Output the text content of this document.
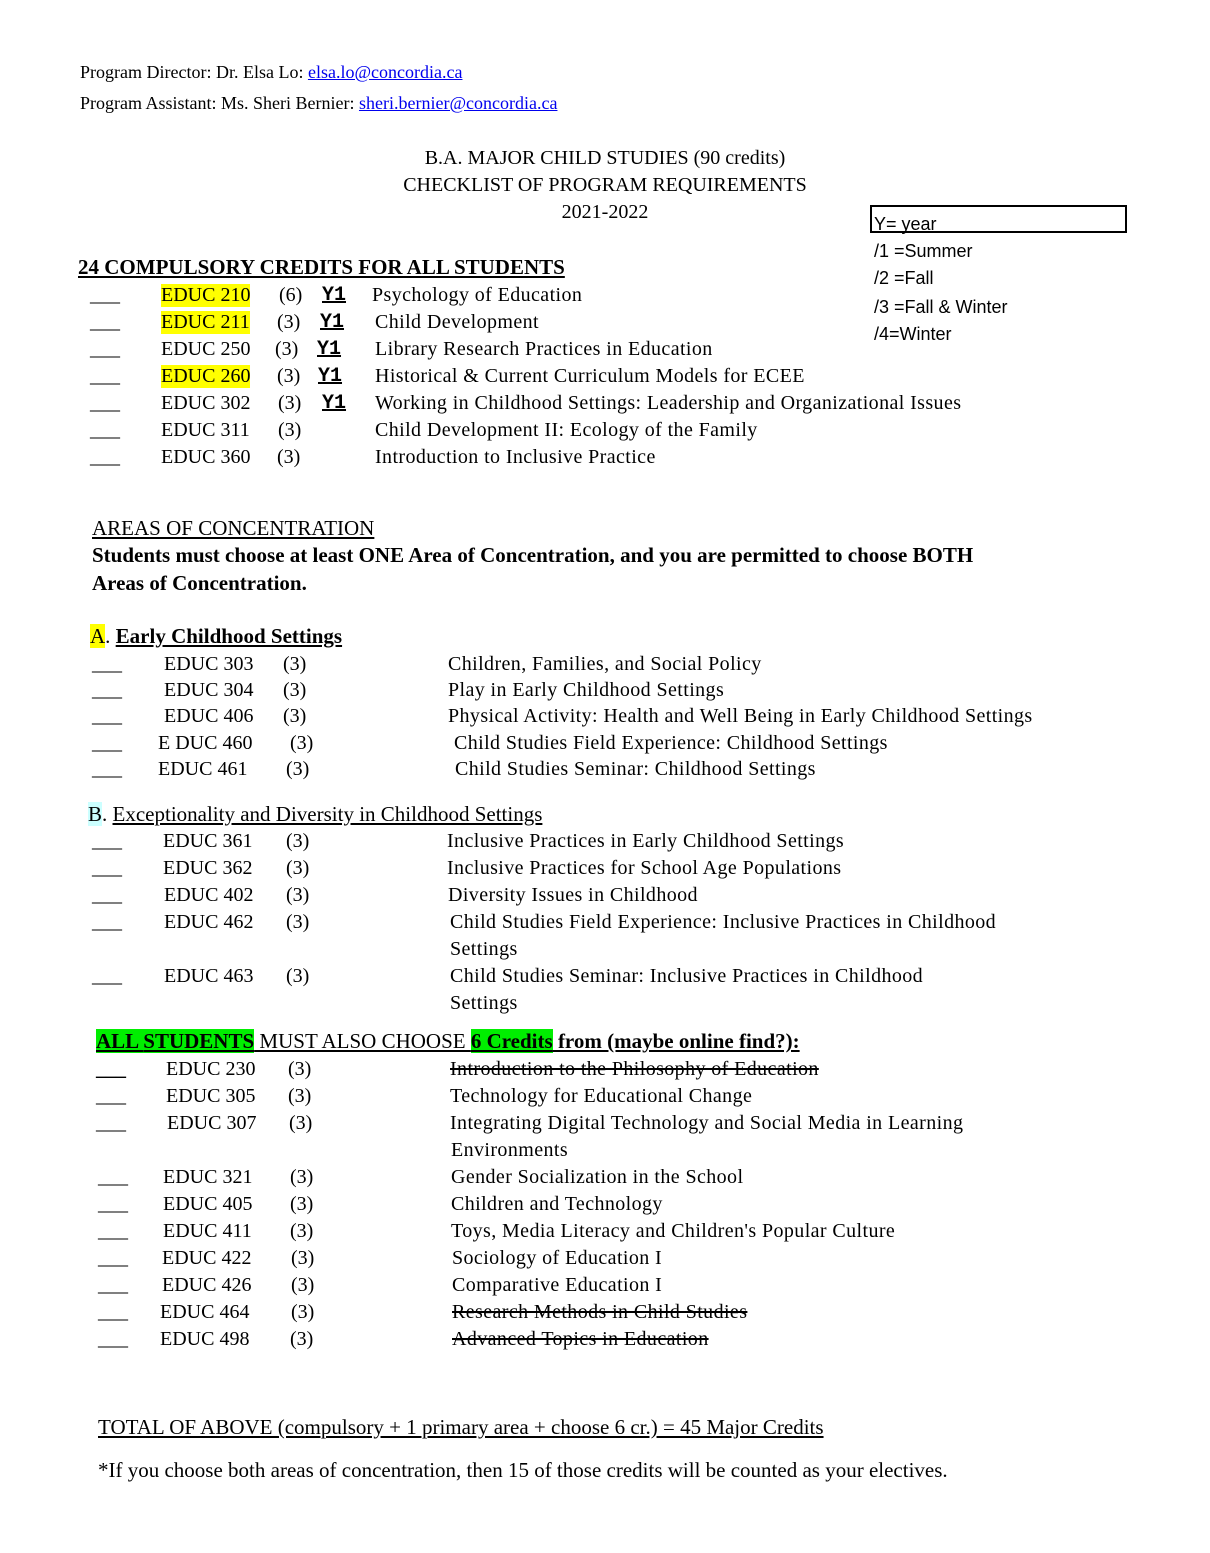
Program Director: Dr. Elsa Lo: elsa.lo@concordia.ca
Program Assistant: Ms. Sheri Bernier: sheri.bernier@concordia.ca
B.A. MAJOR CHILD STUDIES (90 credits)
CHECKLIST OF PROGRAM REQUIREMENTS
2021-2022
Y= year
/1 =Summer
/2 =Fall
/3 =Fall & Winter
/4=Winter
24 COMPULSORY CREDITS FOR ALL STUDENTS
___ EDUC 210 (6) Y1 Psychology of Education
___ EDUC 211 (3) Y1 Child Development
___ EDUC 250 (3) Y1 Library Research Practices in Education
___ EDUC 260 (3) Y1 Historical & Current Curriculum Models for ECEE
___ EDUC 302 (3) Y1 Working in Childhood Settings: Leadership and Organizational Issues
___ EDUC 311 (3)	Child Development II: Ecology of the Family
___ EDUC 360 (3)	Introduction to Inclusive Practice
AREAS OF CONCENTRATION
Students must choose at least ONE Area of Concentration, and you are permitted to choose BOTH
Areas of Concentration.
A. Early Childhood Settings
___ EDUC 303 (3)	Children, Families, and Social Policy
___ EDUC 304 (3)	Play in Early Childhood Settings
___ EDUC 406 (3)	Physical Activity: Health and Well Being in Early Childhood Settings
___ E DUC 460 (3)	Child Studies Field Experience: Childhood Settings
___ EDUC 461 (3)	Child Studies Seminar: Childhood Settings
B. Exceptionality and Diversity in Childhood Settings
___ EDUC 361 (3)	Inclusive Practices in Early Childhood Settings
___ EDUC 362 (3)	Inclusive Practices for School Age Populations
___ EDUC 402 (3)	Diversity Issues in Childhood
___ EDUC 462 (3)	Child Studies Field Experience: Inclusive Practices in Childhood
Settings
___ EDUC 463 (3)	Child Studies Seminar: Inclusive Practices in Childhood
Settings
ALL STUDENTS MUST ALSO CHOOSE 6 Credits from (maybe online find?):
___ EDUC 230 (3)	Introduction to the Philosophy of Education
___ EDUC 305 (3)	Technology for Educational Change
___ EDUC 307 (3)	Integrating Digital Technology and Social Media in Learning
Environments
___ EDUC 321 (3)	Gender Socialization in the School
___ EDUC 405 (3)	Children and Technology
___ EDUC 411 (3)	Toys, Media Literacy and Children's Popular Culture
___ EDUC 422 (3)	Sociology of Education I
___ EDUC 426 (3)	Comparative Education I
___ EDUC 464 (3)	Research Methods in Child Studies
___ EDUC 498 (3)	Advanced Topics in Education
TOTAL OF ABOVE (compulsory + 1 primary area + choose 6 cr.) = 45 Major Credits
*If you choose both areas of concentration, then 15 of those credits will be counted as your electives.
